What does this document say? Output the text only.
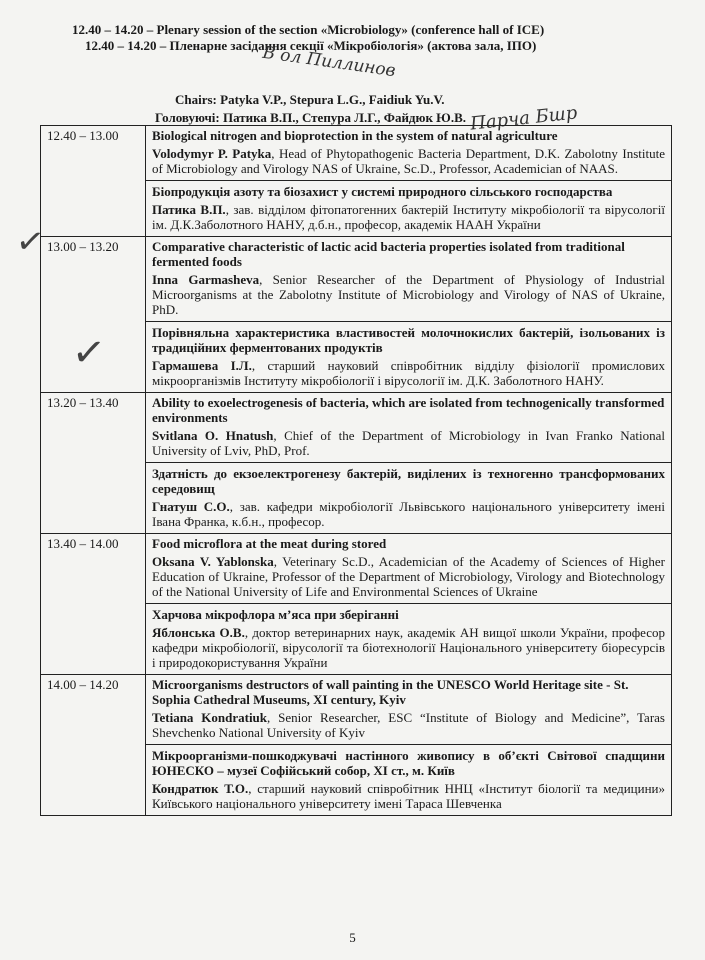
12.40 – 14.20 – Plenary session of the section «Microbiology» (conference hall of ICE)
12.40 – 14.20 – Пленарне засідання секції «Мікробіологія» (актова зала, ІПО)
Chairs: Patyka V.P., Stepura L.G., Faidiuk Yu.V.
Головуючі: Патика В.П., Степура Л.Г., Файдюк Ю.В.
В ол Пиллинов
Парча Бшр
✓
✓
12.40 – 13.00	Biological nitrogen and bioprotection in the system of natural agriculture
Volodymyr P. Patyka, Head of Phytopathogenic Bacteria Department, D.K. Zabolotny Institute of Microbiology and Virology NAS of Ukraine, Sc.D., Professor, Academician of NAAS.
Біопродукція азоту та біозахист у системі природного сільського господарства
Патика В.П., зав. відділом фітопатогенних бактерій Інституту мікробіології та вірусології ім. Д.К.Заболотного НАНУ, д.б.н., професор, академік НААН України

13.00 – 13.20	Comparative characteristic of lactic acid bacteria properties isolated from traditional fermented foods
Inna Garmasheva, Senior Researcher of the Department of Physiology of Industrial Microorganisms at the Zabolotny Institute of Microbiology and Virology of NAS of Ukraine, PhD.
Порівняльна характеристика властивостей молочнокислих бактерій, ізольованих із традиційних ферментованих продуктів
Гармашева І.Л., старший науковий співробітник відділу фізіології промислових мікроорганізмів Інституту мікробіології і вірусології ім. Д.К. Заболотного НАНУ.

13.20 – 13.40	Ability to exoelectrogenesis of bacteria, which are isolated from technogenically transformed environments
Svitlana O. Hnatush, Chief of the Department of Microbiology in Ivan Franko National University of Lviv, PhD, Prof.
Здатність до екзоелектрогенезу бактерій, виділених із техногенно трансформованих середовищ
Гнатуш С.О., зав. кафедри мікробіології Львівського національного університету імені Івана Франка, к.б.н., професор.

13.40 – 14.00	Food microflora at the meat during stored
Oksana V. Yablonska, Veterinary Sc.D., Academician of the Academy of Sciences of Higher Education of Ukraine, Professor of the Department of Microbiology, Virology and Biotechnology of the National University of Life and Environmental Sciences of Ukraine
Харчова мікрофлора м’яса при зберіганні
Яблонська О.В., доктор ветеринарних наук, академік АН вищої школи України, професор кафедри мікробіології, вірусології та біотехнології Національного університету біоресурсів і природокористування України

14.00 – 14.20	Microorganisms destructors of wall painting in the UNESCO World Heritage site - St. Sophia Cathedral Museums, XI century, Kyiv
Tetiana Kondratiuk, Senior Researcher, ESC “Institute of Biology and Medicine”, Taras Shevchenko National University of Kyiv
Мікроорганізми-пошкоджувачі настінного живопису в об’єкті Світової спадщини ЮНЕСКО – музеї Софійський собор, XI ст., м. Київ
Кондратюк Т.О., старший науковий співробітник ННЦ «Інститут біології та медицини» Київського національного університету імені Тараса Шевченка
5
